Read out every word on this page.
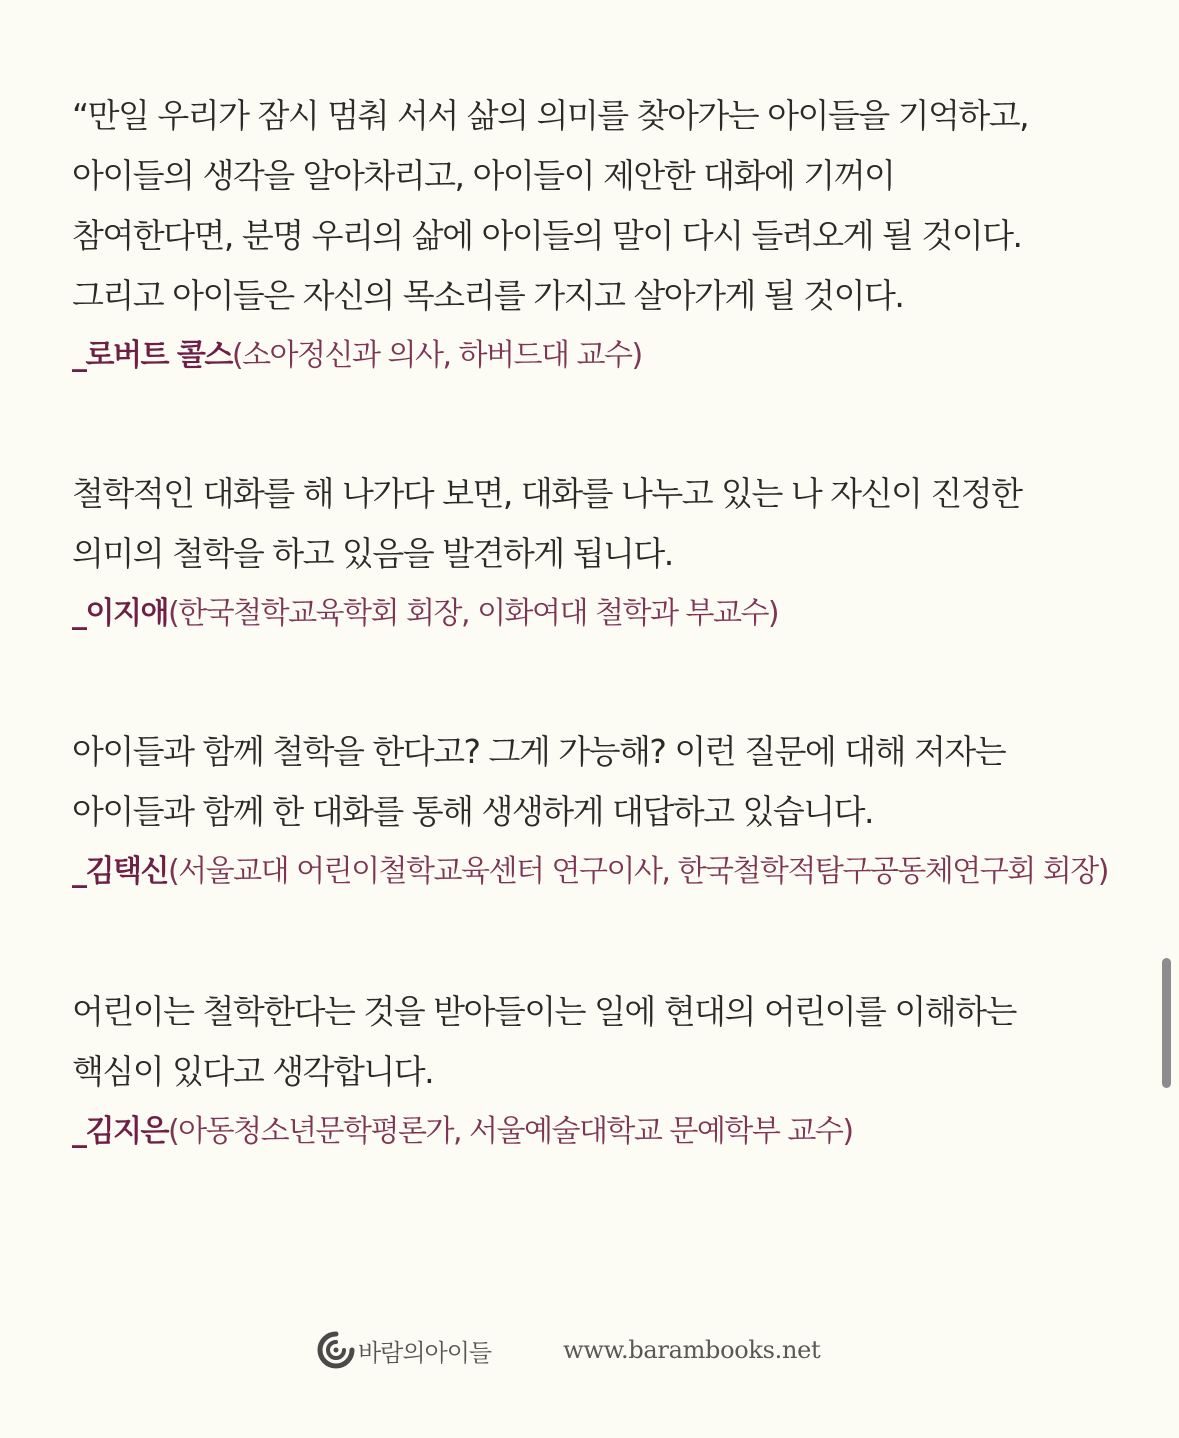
“만일 우리가 잠시 멈춰 서서 삶의 의미를 찾아가는 아이들을 기억하고,
아이들의 생각을 알아차리고, 아이들이 제안한 대화에 기꺼이
참여한다면, 분명 우리의 삶에 아이들의 말이 다시 들려오게 될 것이다.
그리고 아이들은 자신의 목소리를 가지고 살아가게 될 것이다.

_로버트 콜스(소아정신과 의사, 하버드대 교수)

철학적인 대화를 해 나가다 보면, 대화를 나누고 있는 나 자신이 진정한
의미의 철학을 하고 있음을 발견하게 됩니다.

_이지애(한국철학교육학회 회장, 이화여대 철학과 부교수)

아이들과 함께 철학을 한다고? 그게 가능해? 이런 질문에 대해 저자는
아이들과 함께 한 대화를 통해 생생하게 대답하고 있습니다.

_김택신(서울교대 어린이철학교육센터 연구이사, 한국철학적탐구공동체연구회 회장)

어린이는 철학한다는 것을 받아들이는 일에 현대의 어린이를 이해하는
핵심이 있다고 생각합니다.

_김지은(아동청소년문학평론가, 서울예술대학교 문예학부 교수)
바람의아이들	www.barambooks.net
